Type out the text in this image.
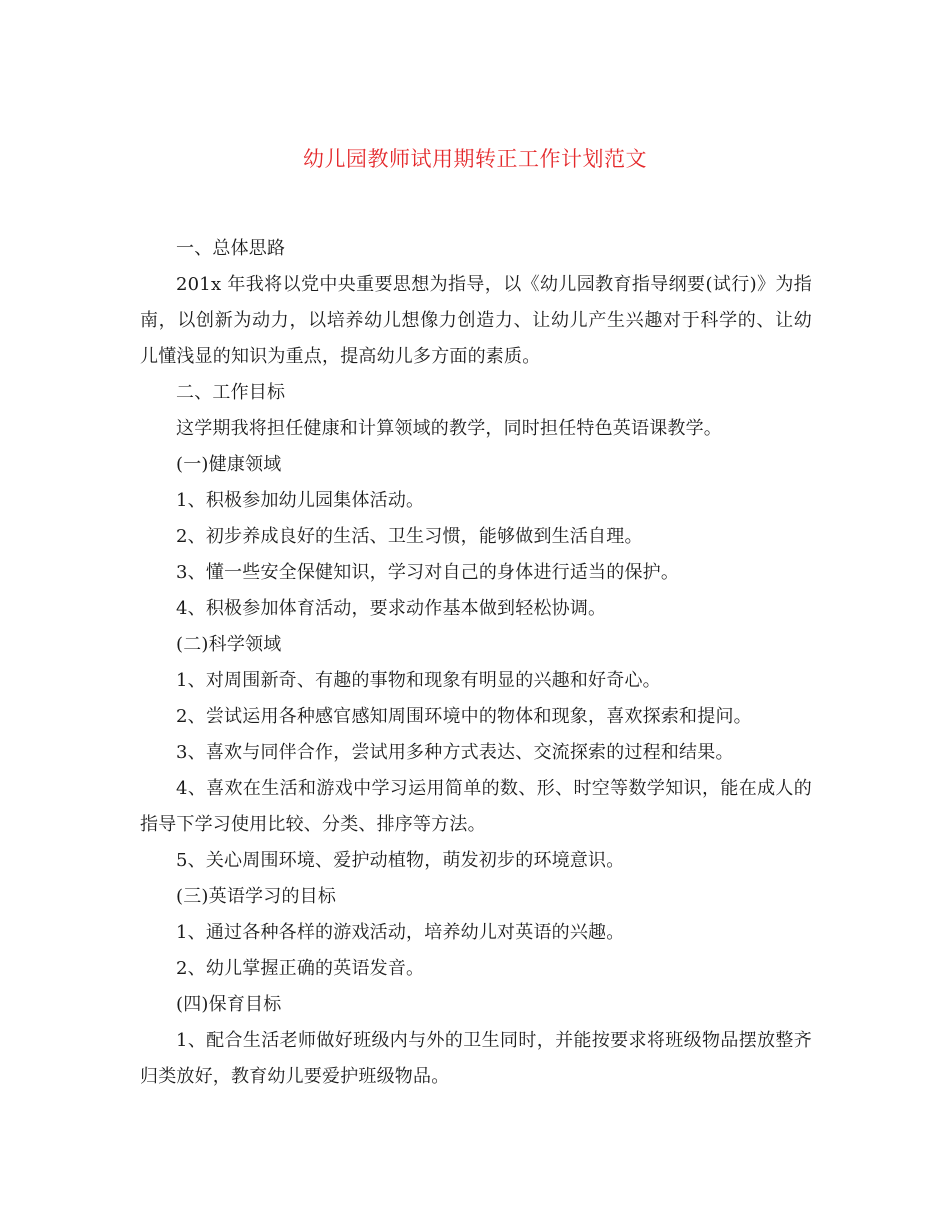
幼儿园教师试用期转正工作计划范文

一、总体思路

201x 年我将以党中央重要思想为指导，以《幼儿园教育指导纲要(试行)》为指南，以创新为动力，以培养幼儿想像力创造力、让幼儿产生兴趣对于科学的、让幼儿懂浅显的知识为重点，提高幼儿多方面的素质。

二、工作目标

这学期我将担任健康和计算领域的教学，同时担任特色英语课教学。

(一)健康领域

1、积极参加幼儿园集体活动。

2、初步养成良好的生活、卫生习惯，能够做到生活自理。

3、懂一些安全保健知识，学习对自己的身体进行适当的保护。

4、积极参加体育活动，要求动作基本做到轻松协调。

(二)科学领域

1、对周围新奇、有趣的事物和现象有明显的兴趣和好奇心。

2、尝试运用各种感官感知周围环境中的物体和现象，喜欢探索和提问。

3、喜欢与同伴合作，尝试用多种方式表达、交流探索的过程和结果。

4、喜欢在生活和游戏中学习运用简单的数、形、时空等数学知识，能在成人的指导下学习使用比较、分类、排序等方法。

5、关心周围环境、爱护动植物，萌发初步的环境意识。

(三)英语学习的目标

1、通过各种各样的游戏活动，培养幼儿对英语的兴趣。

2、幼儿掌握正确的英语发音。

(四)保育目标

1、配合生活老师做好班级内与外的卫生同时，并能按要求将班级物品摆放整齐归类放好，教育幼儿要爱护班级物品。
